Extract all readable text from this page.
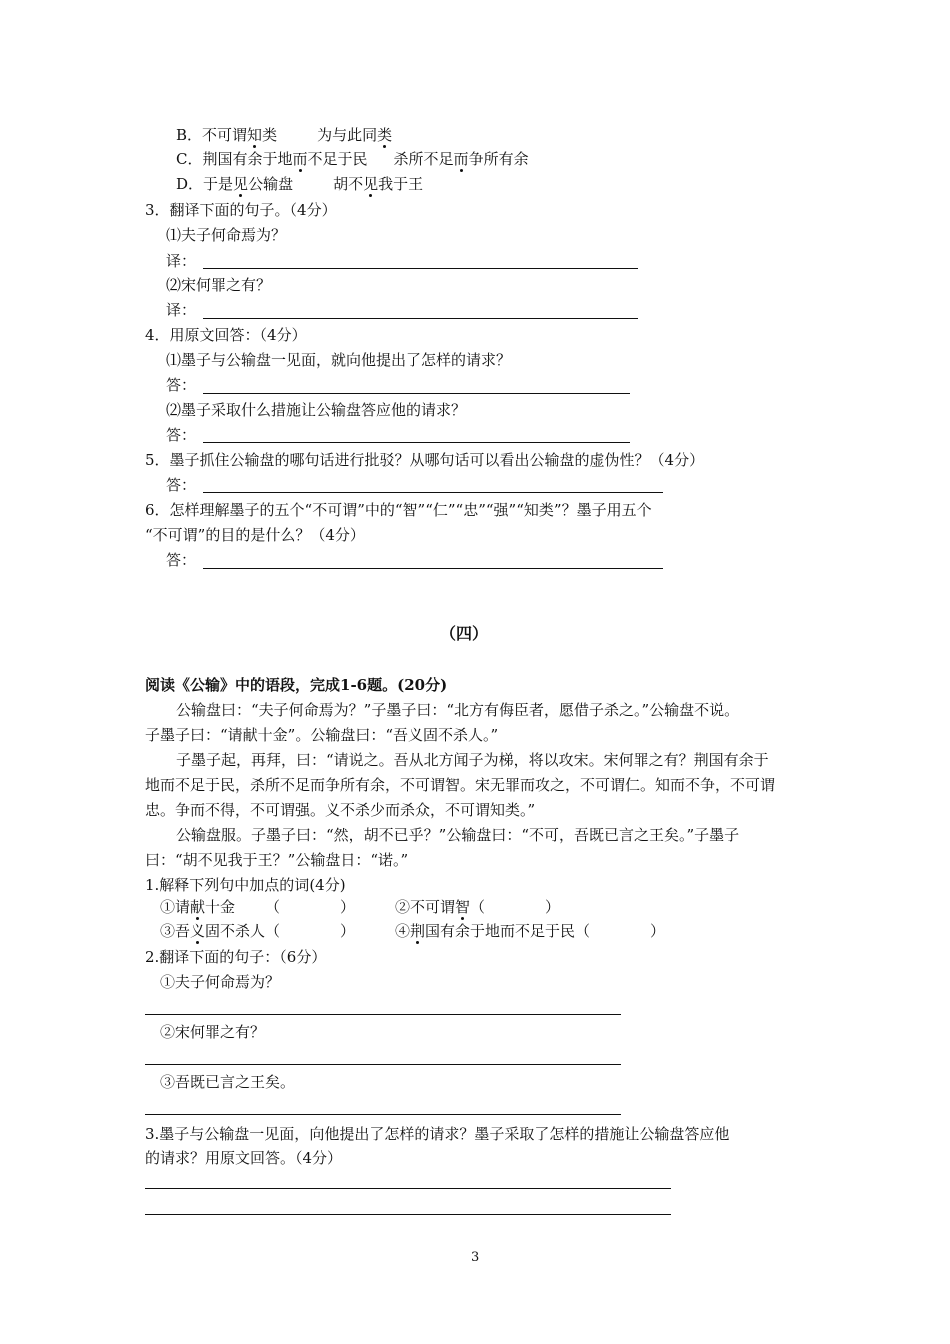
B．不可谓知类	为与此同类
C．荆国有余于地而不足于民 杀所不足而争所有余
D．于是见公输盘	胡不见我于王
3．翻译下面的句子。（4分）
⑴夫子何命焉为？
译：
⑵宋何罪之有？
译：
4．用原文回答：（4分）
⑴墨子与公输盘一见面，就向他提出了怎样的请求？
答：
⑵墨子采取什么措施让公输盘答应他的请求？
答：
5．墨子抓住公输盘的哪句话进行批驳？从哪句话可以看出公输盘的虚伪性？（4分）
答：
6．怎样理解墨子的五个“不可谓”中的“智”“仁”“忠”“强”“知类”？墨子用五个
“不可谓”的目的是什么？（4分）
答：
（四）
阅读《公输》中的语段，完成1-6题。(20分)
公输盘曰：“夫子何命焉为？”子墨子曰：“北方有侮臣者，愿借子杀之。”公输盘不说。
子墨子曰：“请献十金”。公输盘曰：“吾义固不杀人。”
子墨子起，再拜，曰：“请说之。吾从北方闻子为梯，将以攻宋。宋何罪之有？荆国有余于
地而不足于民，杀所不足而争所有余，不可谓智。宋无罪而攻之，不可谓仁。知而不争，不可谓
忠。争而不得，不可谓强。义不杀少而杀众，不可谓知类。”
公输盘服。子墨子曰：“然，胡不已乎？”公输盘曰：“不可，吾既已言之王矣。”子墨子
曰：“胡不见我于王？”公输盘日：“诺。”
1.解释下列句中加点的词(4分)
①请献十金 （　　　　）	②不可谓智（　　　　）
③吾义固不杀人（　　　　）	④荆国有余于地而不足于民（　　　　）
2.翻译下面的句子：（6分）
①夫子何命焉为？
②宋何罪之有？
③吾既已言之王矣。
3.墨子与公输盘一见面，向他提出了怎样的请求？墨子采取了怎样的措施让公输盘答应他
的请求？用原文回答。（4分）
3
